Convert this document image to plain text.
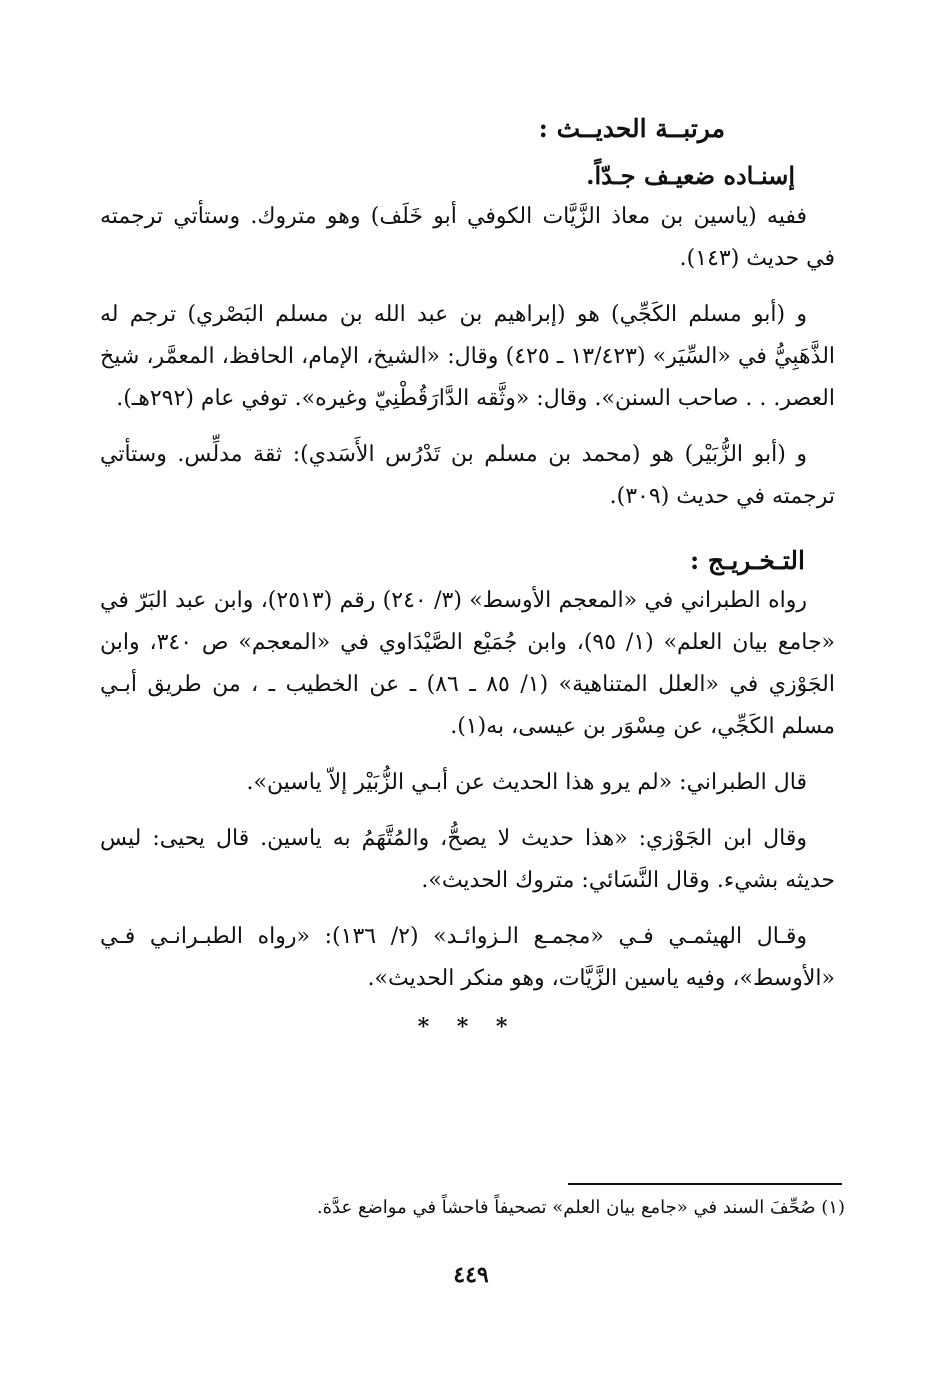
مرتبــة الحديــث :
إسنـاده ضعيـف جـدّاً.

ففيه (ياسين بن معاذ الزَّيَّات الكوفي أبو خَلَف) وهو متروك. وستأتي ترجمته في حديث (١٤٣).

و (أبو مسلم الكَجِّي) هو (إبراهيم بن عبد الله بن مسلم البَصْري) ترجم له الذَّهَبِيُّ في «السِّيَر» (١٣/٤٢٣ ـ ٤٢٥) وقال: «الشيخ، الإمام، الحافظ، المعمَّر، شيخ العصر. . . صاحب السنن». وقال: «وثَّقه الدَّارَقُطْنِيّ وغيره». توفي عام (٢٩٢هـ).

و (أبو الزُّبَيْر) هو (محمد بن مسلم بن تَدْرُس الأَسَدي): ثقة مدلِّس. وستأتي ترجمته في حديث (٣٠٩).

التـخـريـج :

رواه الطبراني في «المعجم الأوسط» (٣/ ٢٤٠) رقم (٢٥١٣)، وابن عبد البَرّ في «جامع بيان العلم» (١/ ٩٥)، وابن جُمَيْع الصَّيْدَاوي في «المعجم» ص ٣٤٠، وابن الجَوْزي في «العلل المتناهية» (١/ ٨٥ ـ ٨٦) ـ عن الخطيب ـ ، من طريق أبـي مسلم الكَجِّي، عن مِسْوَر بن عيسى، به(١).

قال الطبراني: «لم يرو هذا الحديث عن أبـي الزُّبَيْر إلاّ ياسين».

وقال ابن الجَوْزي: «هذا حديث لا يصحُّ، والمُتَّهَمُ به ياسين. قال يحيى: ليس حديثه بشيء. وقال النَّسَائي: متروك الحديث».

وقـال الهيثمـي فـي «مجمـع الـزوائـد» (٢/ ١٣٦): «رواه الطبـرانـي فـي «الأوسط»، وفيه ياسين الزَّيَّات، وهو منكر الحديث».

* * *
(١) صُحِّفَ السند في «جامع بيان العلم» تصحيفاً فاحشاً في مواضع عدَّة.
٤٤٩
